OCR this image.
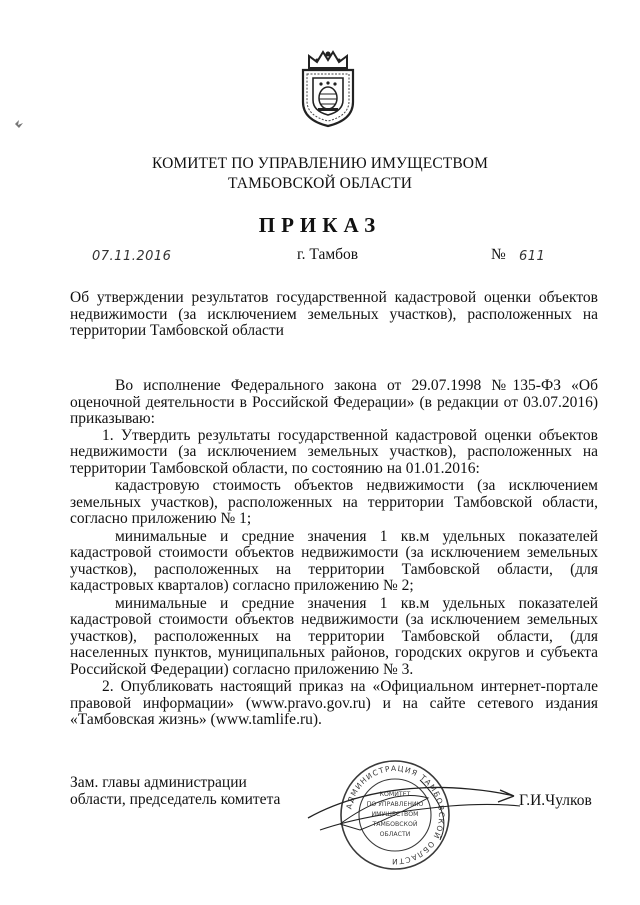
КОМИТЕТ ПО УПРАВЛЕНИЮ ИМУЩЕСТВОМ
ТАМБОВСКОЙ ОБЛАСТИ
ПРИКАЗ
07.11.2016	г. Тамбов	№ 611
Об утверждении результатов государственной кадастровой оценки объектов недвижимости (за исключением земельных участков), расположенных на территории Тамбовской области

Во исполнение Федерального закона от 29.07.1998 №135-ФЗ «Об оценочной деятельности в Российской Федерации» (в редакции от 03.07.2016) приказываю:

1. Утвердить результаты государственной кадастровой оценки объектов недвижимости (за исключением земельных участков), расположенных на территории Тамбовской области, по состоянию на 01.01.2016:

кадастровую стоимость объектов недвижимости (за исключением земельных участков), расположенных на территории Тамбовской области, согласно приложению № 1;

минимальные и средние значения 1 кв.м удельных показателей кадастровой стоимости объектов недвижимости (за исключением земельных участков), расположенных на территории Тамбовской области, (для кадастровых кварталов) согласно приложению № 2;

минимальные и средние значения 1 кв.м удельных показателей кадастровой стоимости объектов недвижимости (за исключением земельных участков), расположенных на территории Тамбовской области, (для населенных пунктов, муниципальных районов, городских округов и субъекта Российской Федерации) согласно приложению № 3.

2. Опубликовать настоящий приказ на «Официальном интернет-портале правовой информации» (www.pravo.gov.ru) и на сайте сетевого издания «Тамбовская жизнь» (www.tamlife.ru).

Зам. главы администрации
области, председатель комитета	АДМИНИСТРАЦИЯ ТАМБОВСКОЙ ОБЛАСТИ
КОМИТЕТ
ПО УПРАВЛЕНИЮ
ИМУЩЕСТВОМ
ТАМБОВСКОЙ
ОБЛАСТИ
Г.И.Чулков
